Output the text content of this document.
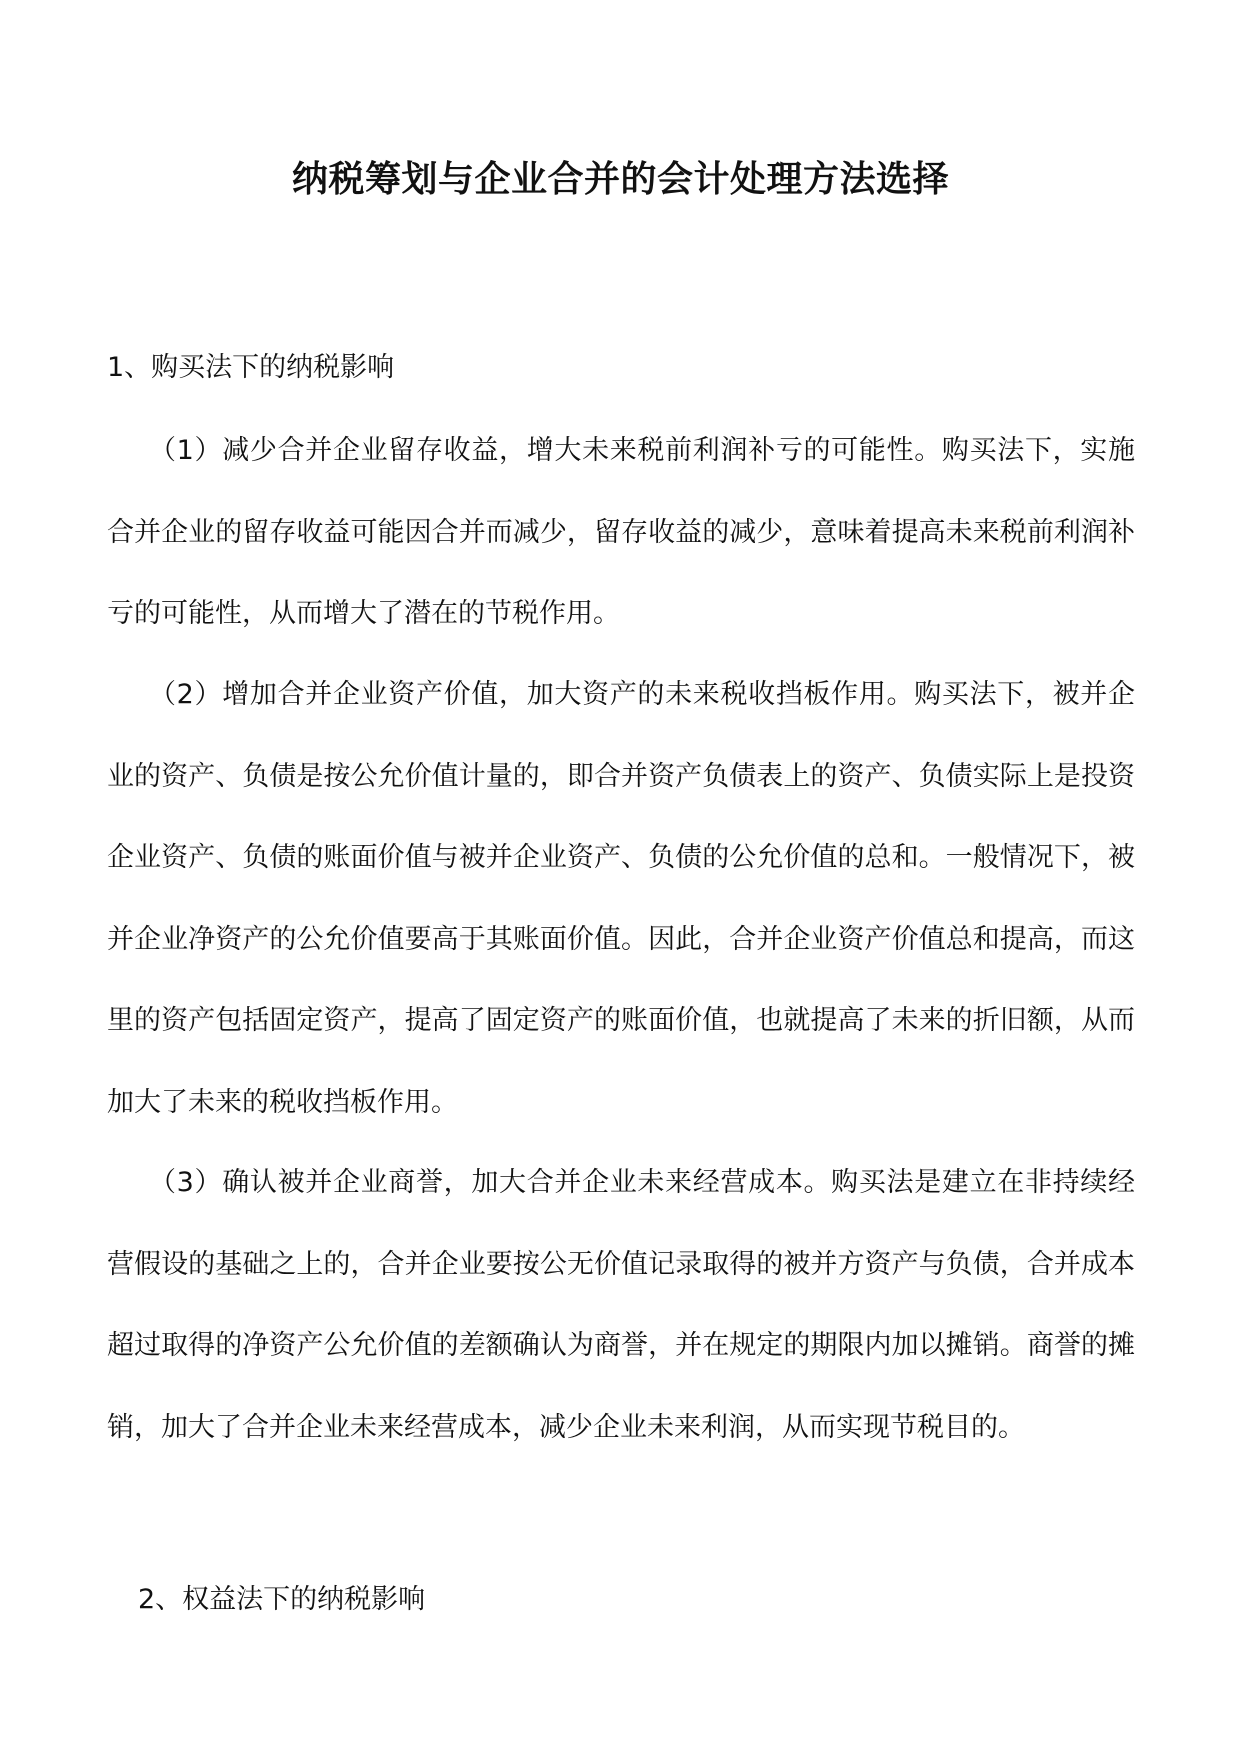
纳税筹划与企业合并的会计处理方法选择
1、购买法下的纳税影响

（1）减少合并企业留存收益，增大未来税前利润补亏的可能性。购买法下，实施合并企业的留存收益可能因合并而减少，留存收益的减少，意味着提高未来税前利润补亏的可能性，从而增大了潜在的节税作用。

（2）增加合并企业资产价值，加大资产的未来税收挡板作用。购买法下，被并企业的资产、负债是按公允价值计量的，即合并资产负债表上的资产、负债实际上是投资企业资产、负债的账面价值与被并企业资产、负债的公允价值的总和。一般情况下，被并企业净资产的公允价值要高于其账面价值。因此，合并企业资产价值总和提高，而这里的资产包括固定资产，提高了固定资产的账面价值，也就提高了未来的折旧额，从而加大了未来的税收挡板作用。

（3）确认被并企业商誉，加大合并企业未来经营成本。购买法是建立在非持续经营假设的基础之上的，合并企业要按公无价值记录取得的被并方资产与负债，合并成本超过取得的净资产公允价值的差额确认为商誉，并在规定的期限内加以摊销。商誉的摊销，加大了合并企业未来经营成本，减少企业未来利润，从而实现节税目的。

2、权益法下的纳税影响
